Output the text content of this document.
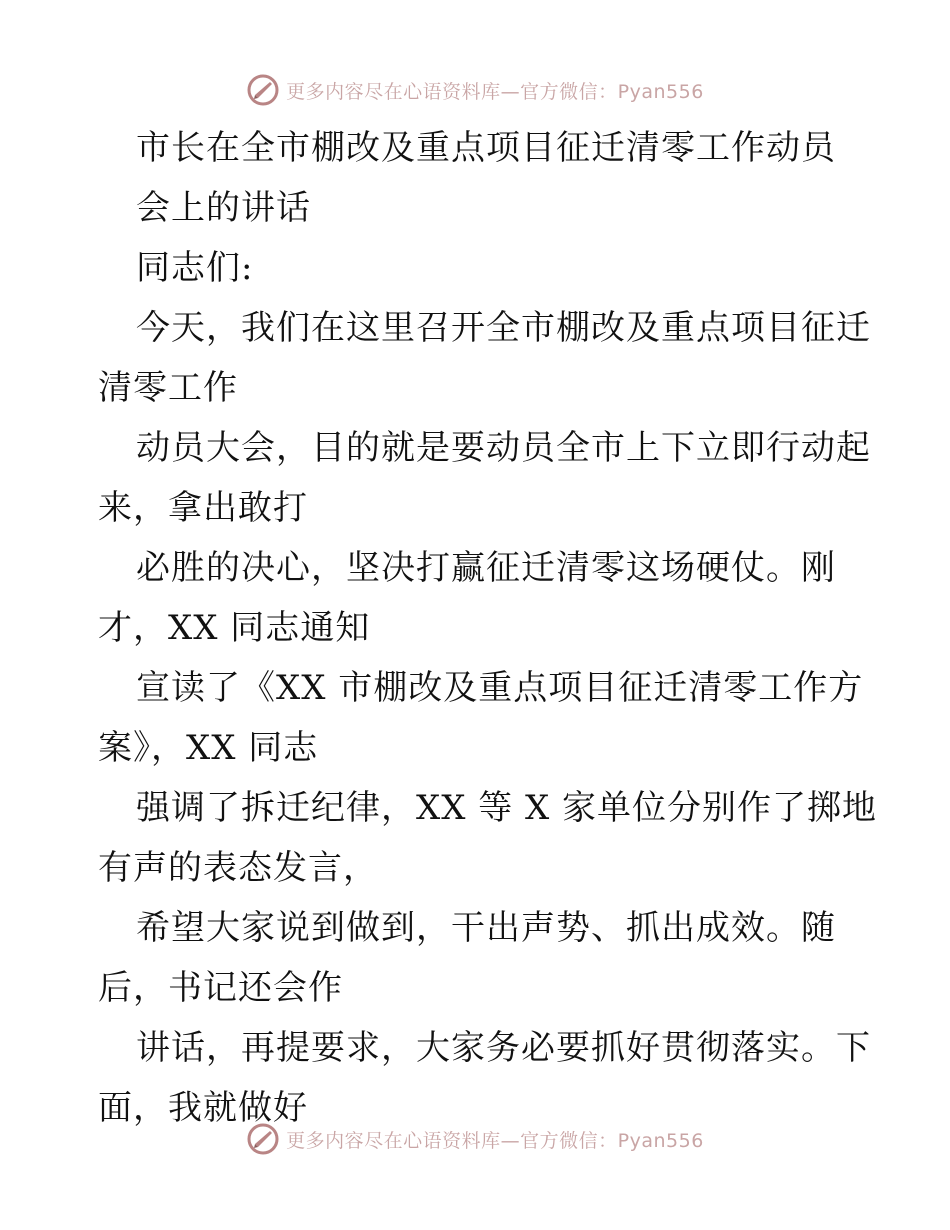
更多内容尽在心语资料库—官方微信：Pyan556
市长在全市棚改及重点项目征迁清零工作动员
会上的讲话
同志们:
今天，我们在这里召开全市棚改及重点项目征迁
清零工作
动员大会，目的就是要动员全市上下立即行动起
来，拿出敢打
必胜的决心，坚决打赢征迁清零这场硬仗。刚
才，XX 同志通知
宣读了《XX 市棚改及重点项目征迁清零工作方
案》，XX 同志
强调了拆迁纪律，XX 等 X 家单位分别作了掷地
有声的表态发言，
希望大家说到做到，干出声势、抓出成效。随
后，书记还会作
讲话，再提要求，大家务必要抓好贯彻落实。下
面，我就做好
更多内容尽在心语资料库—官方微信：Pyan556
